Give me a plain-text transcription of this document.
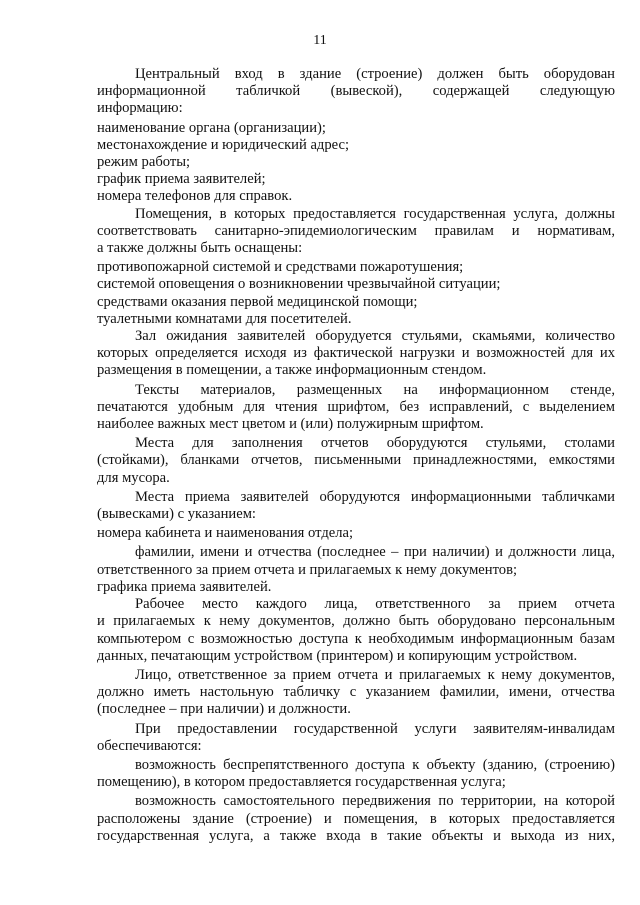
11

Центральный вход в здание (строение) должен быть оборудован

информационной табличкой (вывеской), содержащей следующую

информацию:

наименование органа (организации);

местонахождение и юридический адрес;

режим работы;

график приема заявителей;

номера телефонов для справок.

Помещения, в которых предоставляется государственная услуга, должны

соответствовать санитарно-эпидемиологическим правилам и нормативам,

а также должны быть оснащены:

противопожарной системой и средствами пожаротушения;

системой оповещения о возникновении чрезвычайной ситуации;

средствами оказания первой медицинской помощи;

туалетными комнатами для посетителей.

Зал ожидания заявителей оборудуется стульями, скамьями, количество

которых определяется исходя из фактической нагрузки и возможностей для их

размещения в помещении, а также информационным стендом.

Тексты материалов, размещенных на информационном стенде,

печатаются удобным для чтения шрифтом, без исправлений, с выделением

наиболее важных мест цветом и (или) полужирным шрифтом.

Места для заполнения отчетов оборудуются стульями, столами

(стойками), бланками отчетов, письменными принадлежностями, емкостями

для мусора.

Места приема заявителей оборудуются информационными табличками

(вывесками) с указанием:

номера кабинета и наименования отдела;

фамилии, имени и отчества (последнее – при наличии) и должности лица,

ответственного за прием отчета и прилагаемых к нему документов;

графика приема заявителей.

Рабочее место каждого лица, ответственного за прием отчета

и прилагаемых к нему документов, должно быть оборудовано персональным

компьютером с возможностью доступа к необходимым информационным базам

данных, печатающим устройством (принтером) и копирующим устройством.

Лицо, ответственное за прием отчета и прилагаемых к нему документов,

должно иметь настольную табличку с указанием фамилии, имени, отчества

(последнее – при наличии) и должности.

При предоставлении государственной услуги заявителям-инвалидам

обеспечиваются:

возможность беспрепятственного доступа к объекту (зданию, (строению)

помещению), в котором предоставляется государственная услуга;

возможность самостоятельного передвижения по территории, на которой

расположены здание (строение) и помещения, в которых предоставляется

государственная услуга, а также входа в такие объекты и выхода из них,
